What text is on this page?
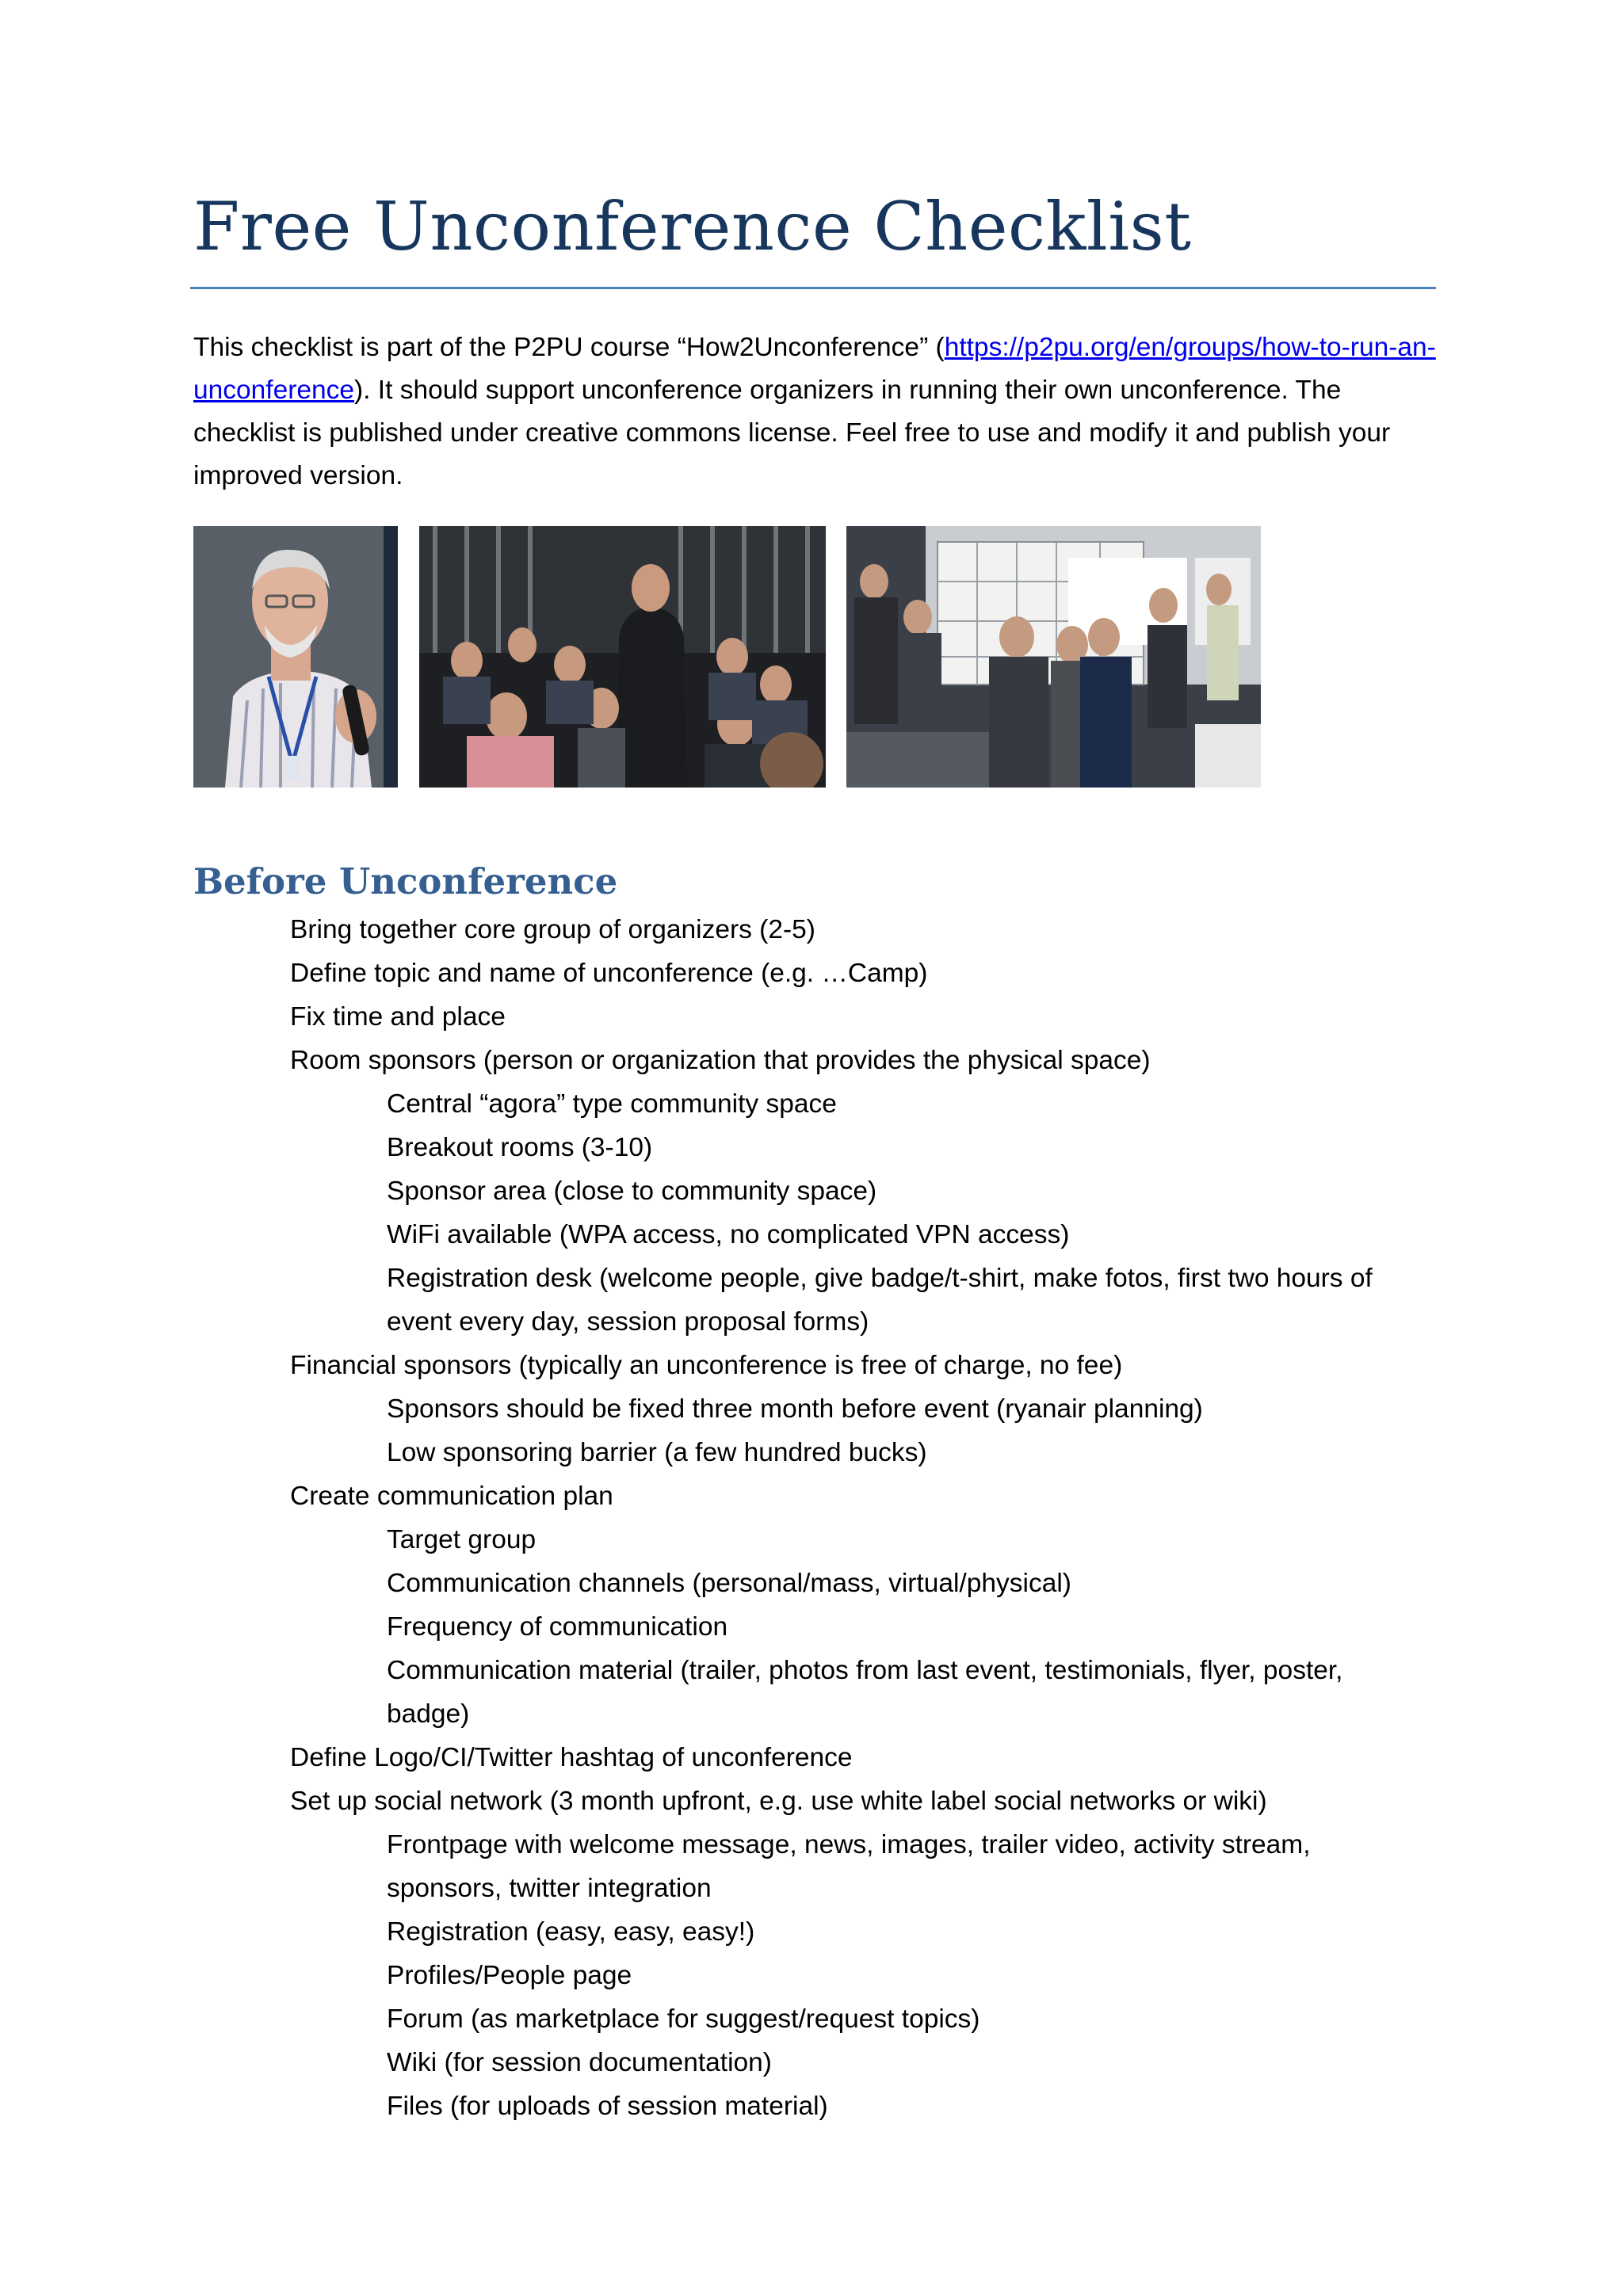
Free Unconference Checklist

This checklist is part of the P2PU course “How2Unconference” (https://p2pu.org/en/groups/how-to-run-an-unconference). It should support unconference organizers in running their own unconference. The checklist is published under creative commons license. Feel free to use and modify it and publish your improved version.

Before Unconference
Bring together core group of organizers (2-5)
Define topic and name of unconference (e.g. …Camp)
Fix time and place
Room sponsors (person or organization that provides the physical space)
Central “agora” type community space
Breakout rooms (3-10)
Sponsor area (close to community space)
WiFi available (WPA access, no complicated VPN access)
Registration desk (welcome people, give badge/t-shirt, make fotos, first two hours of event every day, session proposal forms)
Financial sponsors (typically an unconference is free of charge, no fee)
Sponsors should be fixed three month before event (ryanair planning)
Low sponsoring barrier (a few hundred bucks)
Create communication plan
Target group
Communication channels (personal/mass, virtual/physical)
Frequency of communication
Communication material (trailer, photos from last event, testimonials, flyer, poster, badge)
Define Logo/CI/Twitter hashtag of unconference
Set up social network (3 month upfront, e.g. use white label social networks or wiki)
Frontpage with welcome message, news, images, trailer video, activity stream, sponsors, twitter integration
Registration (easy, easy, easy!)
Profiles/People page
Forum (as marketplace for suggest/request topics)
Wiki (for session documentation)
Files (for uploads of session material)
